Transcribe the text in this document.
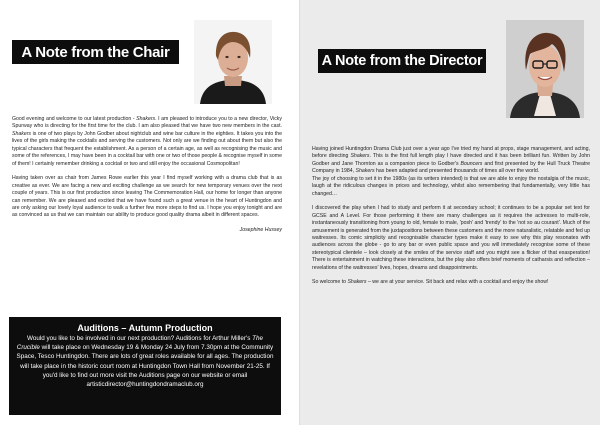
A Note from the Chair

Good evening and welcome to our latest production - Shakers. I am pleased to introduce you to a new director, Vicky Spurway who is directing for the first time for the club. I am also pleased that we have two new members in the cast. Shakers is one of two plays by John Godber about nightclub and wine bar culture in the eighties. It takes you into the lives of the girls making the cocktails and serving the customers. Not only are we finding out about them but also the typical characters that frequent the establishment. As a person of a certain age, as well as recognising the music and some of the references, I may have been in a cocktail bar with one or two of those people & recognise myself in some of them! I certainly remember drinking a cocktail or two and still enjoy the occasional Cosmopolitan!

Having taken over as chair from James Rowe earlier this year I find myself working with a drama club that is as creative as ever. We are facing a new and exciting challenge as we search for new temporary venues over the next couple of years. This is our first production since leaving The Commemoration Hall, our home for longer than anyone can remember. We are pleased and excited that we have found such a great venue in the heart of Huntingdon and are only asking our lovely loyal audience to walk a further few more steps to find us. I hope you enjoy tonight and are as convinced as us that we can maintain our ability to produce good quality drama albeit in different spaces.

Josephine Hussey

Auditions – Autumn Production
Would you like to be involved in our next production? Auditions for Arthur Miller's The Crucible will take place on Wednesday 19 & Monday 24 July from 7.30pm at the Community Space, Tesco Huntingdon. There are lots of great roles available for all ages. The production will take place in the historic court room at Huntingdon Town Hall from November 21-25. If you'd like to find out more visit the Auditions page on our website or email artisticdirector@huntingdondramaclub.org
A Note from the Director

Having joined Huntingdon Drama Club just over a year ago I've tried my hand at props, stage management, and acting, before directing Shakers. This is the first full length play I have directed and it has been brilliant fun. Written by John Godber and Jane Thornton as a companion piece to Godber's Bouncers and first presented by the Hull Truck Theatre Company in 1984, Shakers has been adapted and presented thousands of times all over the world.
The joy of choosing to set it in the 1980s (as its writers intended) is that we are able to enjoy the nostalgia of the music, laugh at the ridiculous changes in prices and technology, whilst also remembering that fundamentally, very little has changed…

I discovered the play when I had to study and perform it at secondary school; it continues to be a popular set text for GCSE and A Level. For those performing it there are many challenges as it requires the actresses to multi-role, instantaneously transitioning from young to old, female to male, 'posh' and 'trendy' to the 'not so au courant'. Much of the amusement is generated from the juxtapositions between these customers and the more naturalistic, relatable and fed up waitresses. Its comic simplicity and recognisable character types make it easy to see why this play resonates with audiences across the globe - go to any bar or even public space and you will immediately recognise some of these stereotypical clientele – look closely at the smiles of the service staff and you might see a flicker of that exasperation! There is entertainment in watching these interactions, but the play also offers brief moments of catharsis and reflection – revelations of the waitresses' lives, hopes, dreams and disappointments.

So welcome to Shakers – we are at your service. Sit back and relax with a cocktail and enjoy the show!
